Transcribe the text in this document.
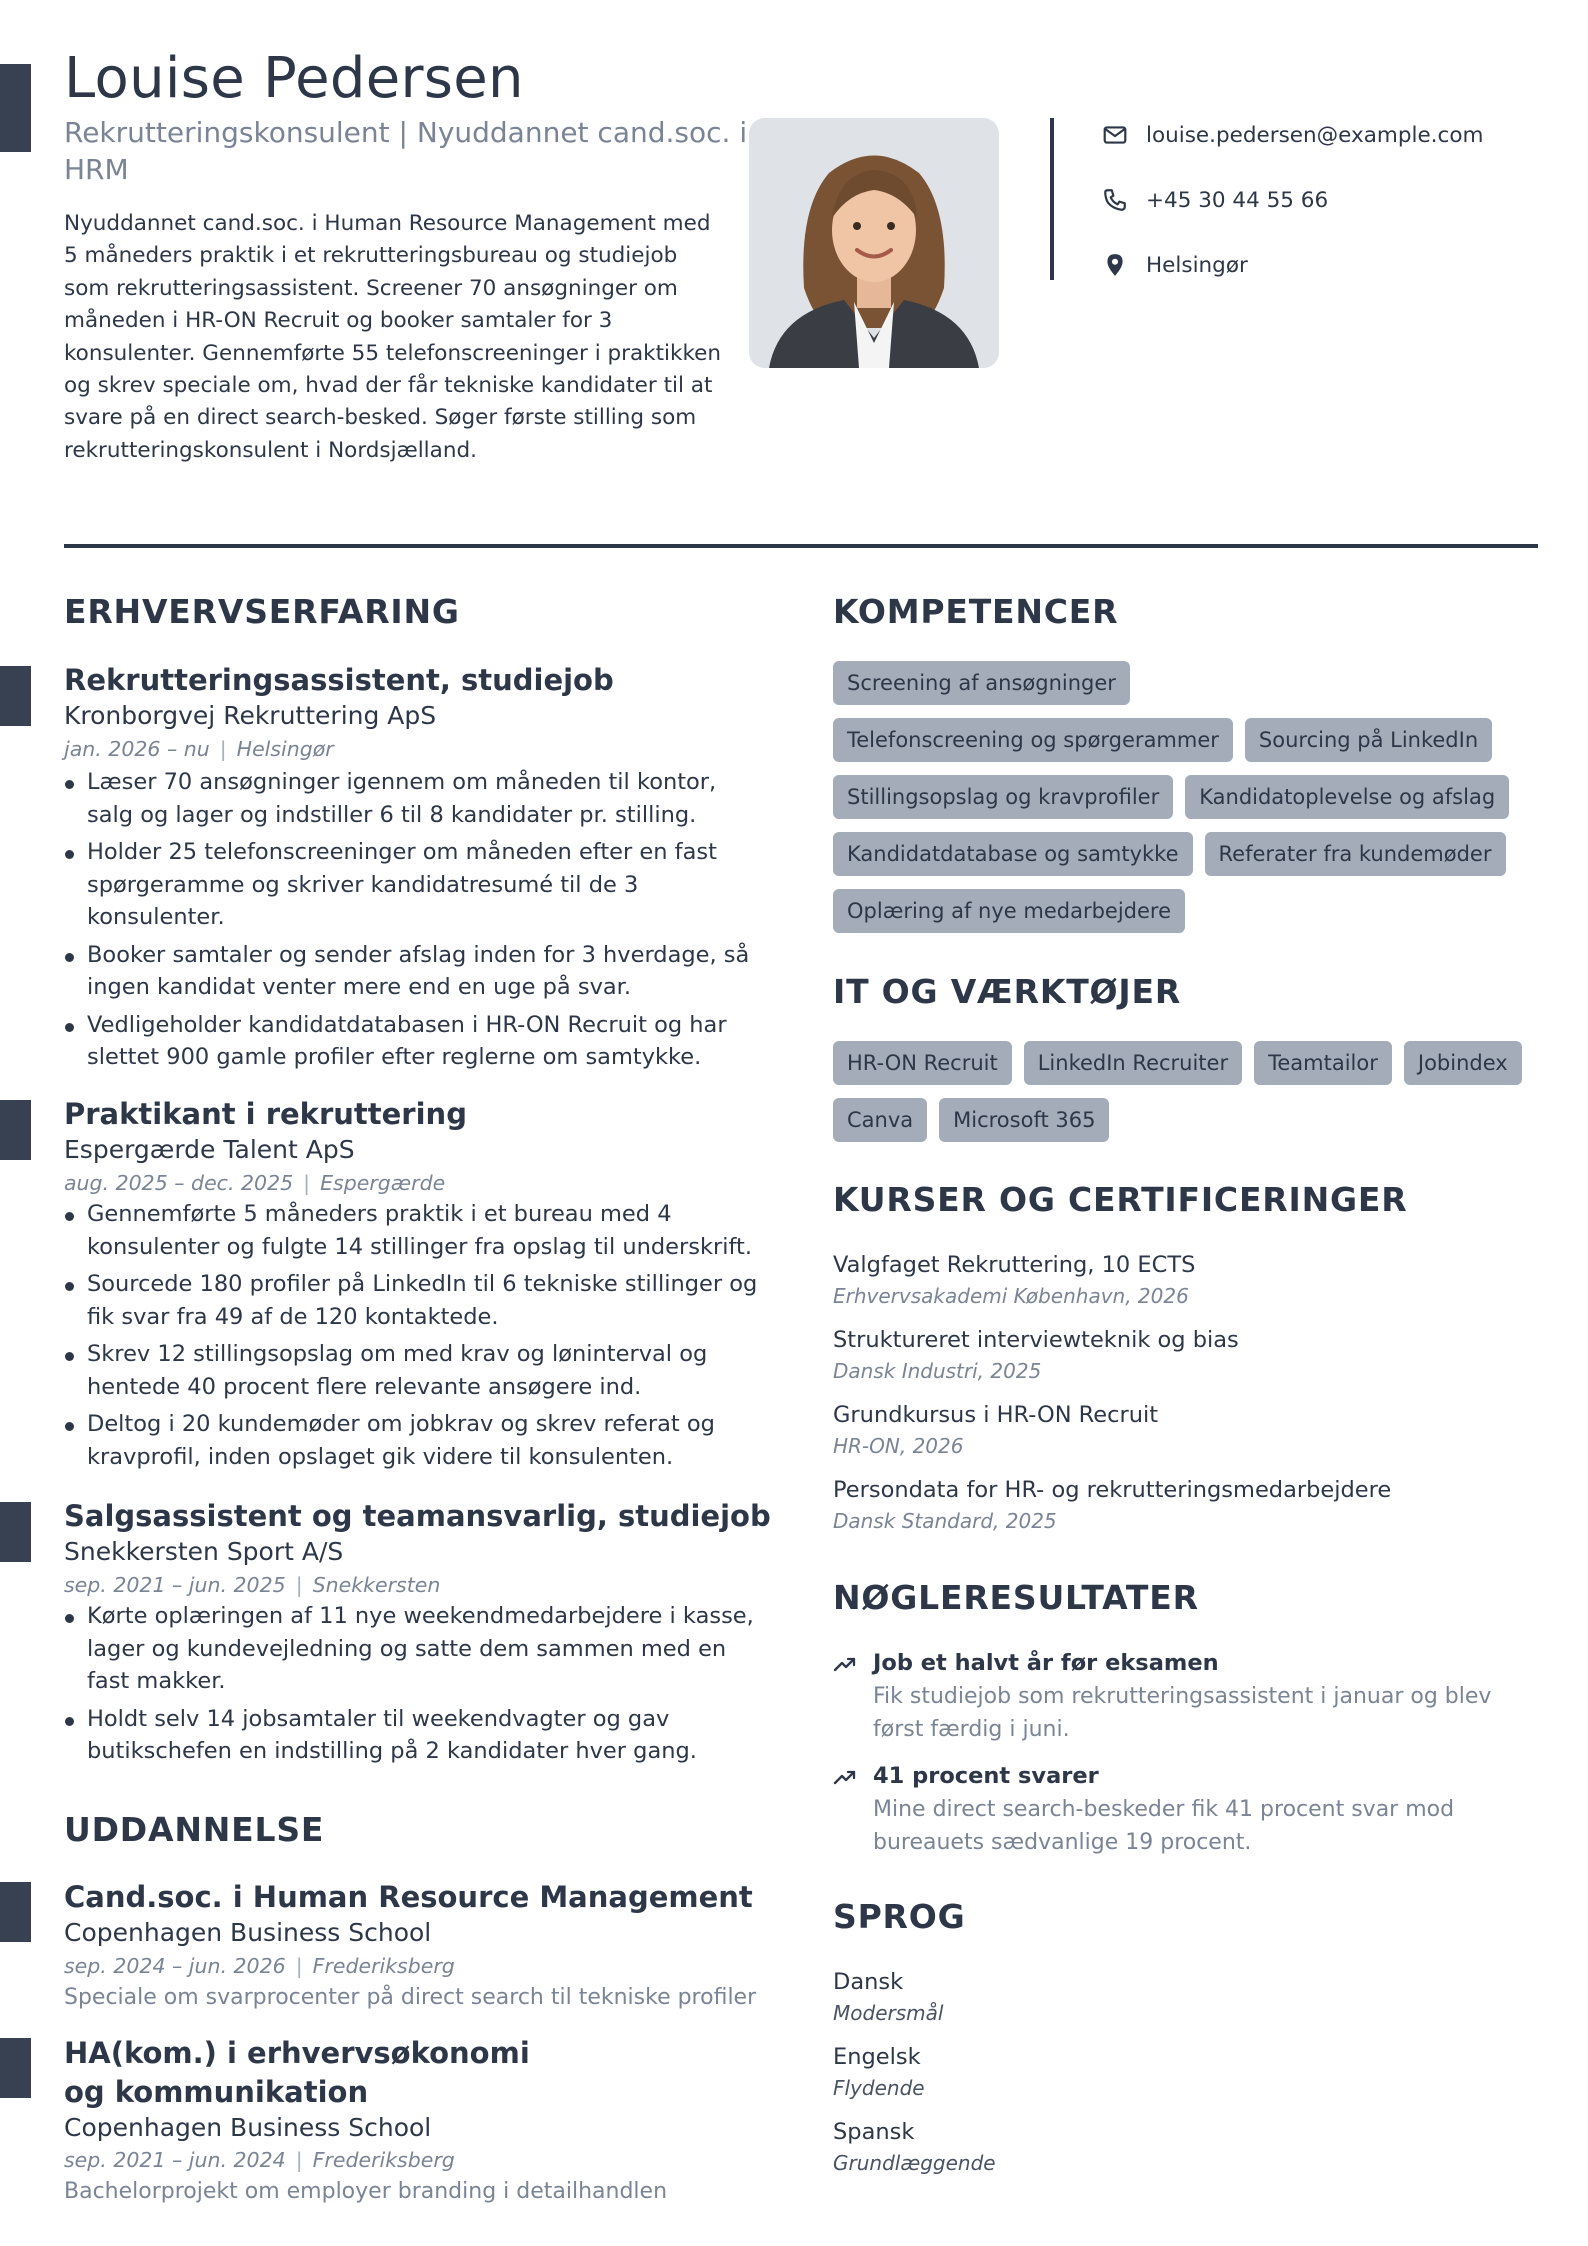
Louise Pedersen
Rekrutteringskonsulent | Nyuddannet cand.soc. i HRM
Nyuddannet cand.soc. i Human Resource Management med 5 måneders praktik i et rekrutteringsbureau og studiejob som rekrutteringsassistent. Screener 70 ansøgninger om måneden i HR-ON Recruit og booker samtaler for 3 konsulenter. Gennemførte 55 telefonscreeninger i praktikken og skrev speciale om, hvad der får tekniske kandidater til at svare på en direct search-besked. Søger første stilling som rekrutteringskonsulent i Nordsjælland.
louise.pedersen@example.com
+45 30 44 55 66
Helsingør
ERHVERVSERFARING
Rekrutteringsassistent, studiejob
Kronborgvej Rekruttering ApS
jan. 2026 – nu | Helsingør
Læser 70 ansøgninger igennem om måneden til kontor, salg og lager og indstiller 6 til 8 kandidater pr. stilling.
Holder 25 telefonscreeninger om måneden efter en fast spørgeramme og skriver kandidatresumé til de 3 konsulenter.
Booker samtaler og sender afslag inden for 3 hverdage, så ingen kandidat venter mere end en uge på svar.
Vedligeholder kandidatdatabasen i HR-ON Recruit og har slettet 900 gamle profiler efter reglerne om samtykke.
Praktikant i rekruttering
Espergærde Talent ApS
aug. 2025 – dec. 2025 | Espergærde
Gennemførte 5 måneders praktik i et bureau med 4 konsulenter og fulgte 14 stillinger fra opslag til underskrift.
Sourcede 180 profiler på LinkedIn til 6 tekniske stillinger og fik svar fra 49 af de 120 kontaktede.
Skrev 12 stillingsopslag om med krav og løninterval og hentede 40 procent flere relevante ansøgere ind.
Deltog i 20 kundemøder om jobkrav og skrev referat og kravprofil, inden opslaget gik videre til konsulenten.
Salgsassistent og teamansvarlig, studiejob
Snekkersten Sport A/S
sep. 2021 – jun. 2025 | Snekkersten
Kørte oplæringen af 11 nye weekendmedarbejdere i kasse, lager og kundevejledning og satte dem sammen med en fast makker.
Holdt selv 14 jobsamtaler til weekendvagter og gav butikschefen en indstilling på 2 kandidater hver gang.
UDDANNELSE
Cand.soc. i Human Resource Management
Copenhagen Business School
sep. 2024 – jun. 2026 | Frederiksberg
Speciale om svarprocenter på direct search til tekniske profiler
HA(kom.) i erhvervsøkonomi
og kommunikation
Copenhagen Business School
sep. 2021 – jun. 2024 | Frederiksberg
Bachelorprojekt om employer branding i detailhandlen
KOMPETENCER
Screening af ansøgninger
Telefonscreening og spørgerammer	Sourcing på LinkedIn
Stillingsopslag og kravprofiler	Kandidatoplevelse og afslag
Kandidatdatabase og samtykke	Referater fra kundemøder
Oplæring af nye medarbejdere
IT OG VÆRKTØJER
HR-ON Recruit	LinkedIn Recruiter	Teamtailor	Jobindex
Canva	Microsoft 365
KURSER OG CERTIFICERINGER
Valgfaget Rekruttering, 10 ECTS
Erhvervsakademi København, 2026
Struktureret interviewteknik og bias
Dansk Industri, 2025
Grundkursus i HR-ON Recruit
HR-ON, 2026
Persondata for HR- og rekrutteringsmedarbejdere
Dansk Standard, 2025
NØGLERESULTATER
Job et halvt år før eksamen
Fik studiejob som rekrutteringsassistent i januar og blev først færdig i juni.
41 procent svarer
Mine direct search-beskeder fik 41 procent svar mod bureauets sædvanlige 19 procent.
SPROG
Dansk
Modersmål
Engelsk
Flydende
Spansk
Grundlæggende
